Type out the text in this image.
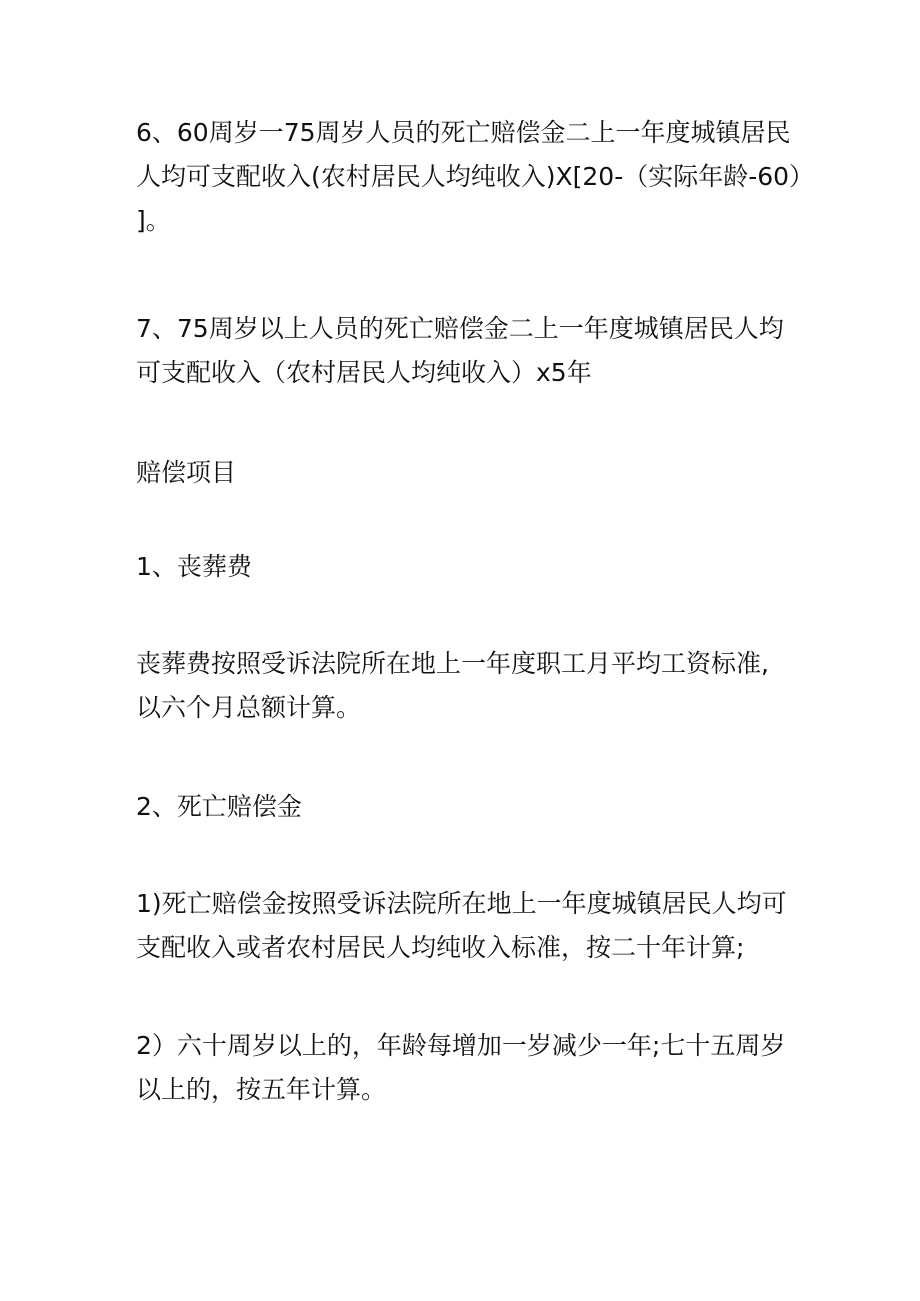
6、60周岁一75周岁人员的死亡赔偿金二上一年度城镇居民
人均可支配收入(农村居民人均纯收入)X[20-（实际年龄-60）
]。
7、75周岁以上人员的死亡赔偿金二上一年度城镇居民人均
可支配收入（农村居民人均纯收入）x5年
赔偿项目
1、丧葬费
丧葬费按照受诉法院所在地上一年度职工月平均工资标准,
以六个月总额计算。
2、死亡赔偿金
1)死亡赔偿金按照受诉法院所在地上一年度城镇居民人均可
支配收入或者农村居民人均纯收入标准，按二十年计算;
2）六十周岁以上的，年龄每增加一岁减少一年;七十五周岁
以上的，按五年计算。
